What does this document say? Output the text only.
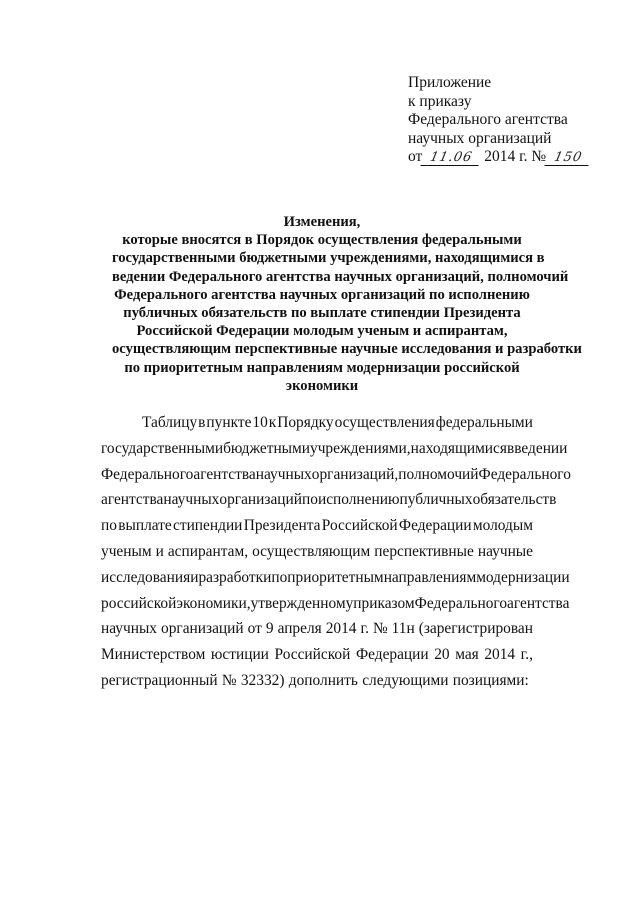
Приложение
к приказу
Федерального агентства
научных организаций
от 11.06 2014 г. № 150
Изменения,
которые вносятся в Порядок осуществления федеральными
государственными бюджетными учреждениями, находящимися в
ведении Федерального агентства научных организаций, полномочий
Федерального агентства научных организаций по исполнению
публичных обязательств по выплате стипендии Президента
Российской Федерации молодым ученым и аспирантам,
осуществляющим перспективные научные исследования и разработки
по приоритетным направлениям модернизации российской
экономики
Таблицу в пункте 10 к Порядку осуществления федеральными
государственными бюджетными учреждениями, находящимися в ведении
Федерального агентства научных организаций, полномочий Федерального
агентства научных организаций по исполнению публичных обязательств
по выплате стипендии Президента Российской Федерации молодым
ученым и аспирантам, осуществляющим перспективные научные
исследования и разработки по приоритетным направлениям модернизации
российской экономики, утвержденному приказом Федерального агентства
научных организаций от 9 апреля 2014 г. № 11н (зарегистрирован
Министерством юстиции Российской Федерации 20 мая 2014 г.,
регистрационный № 32332) дополнить следующими позициями:
